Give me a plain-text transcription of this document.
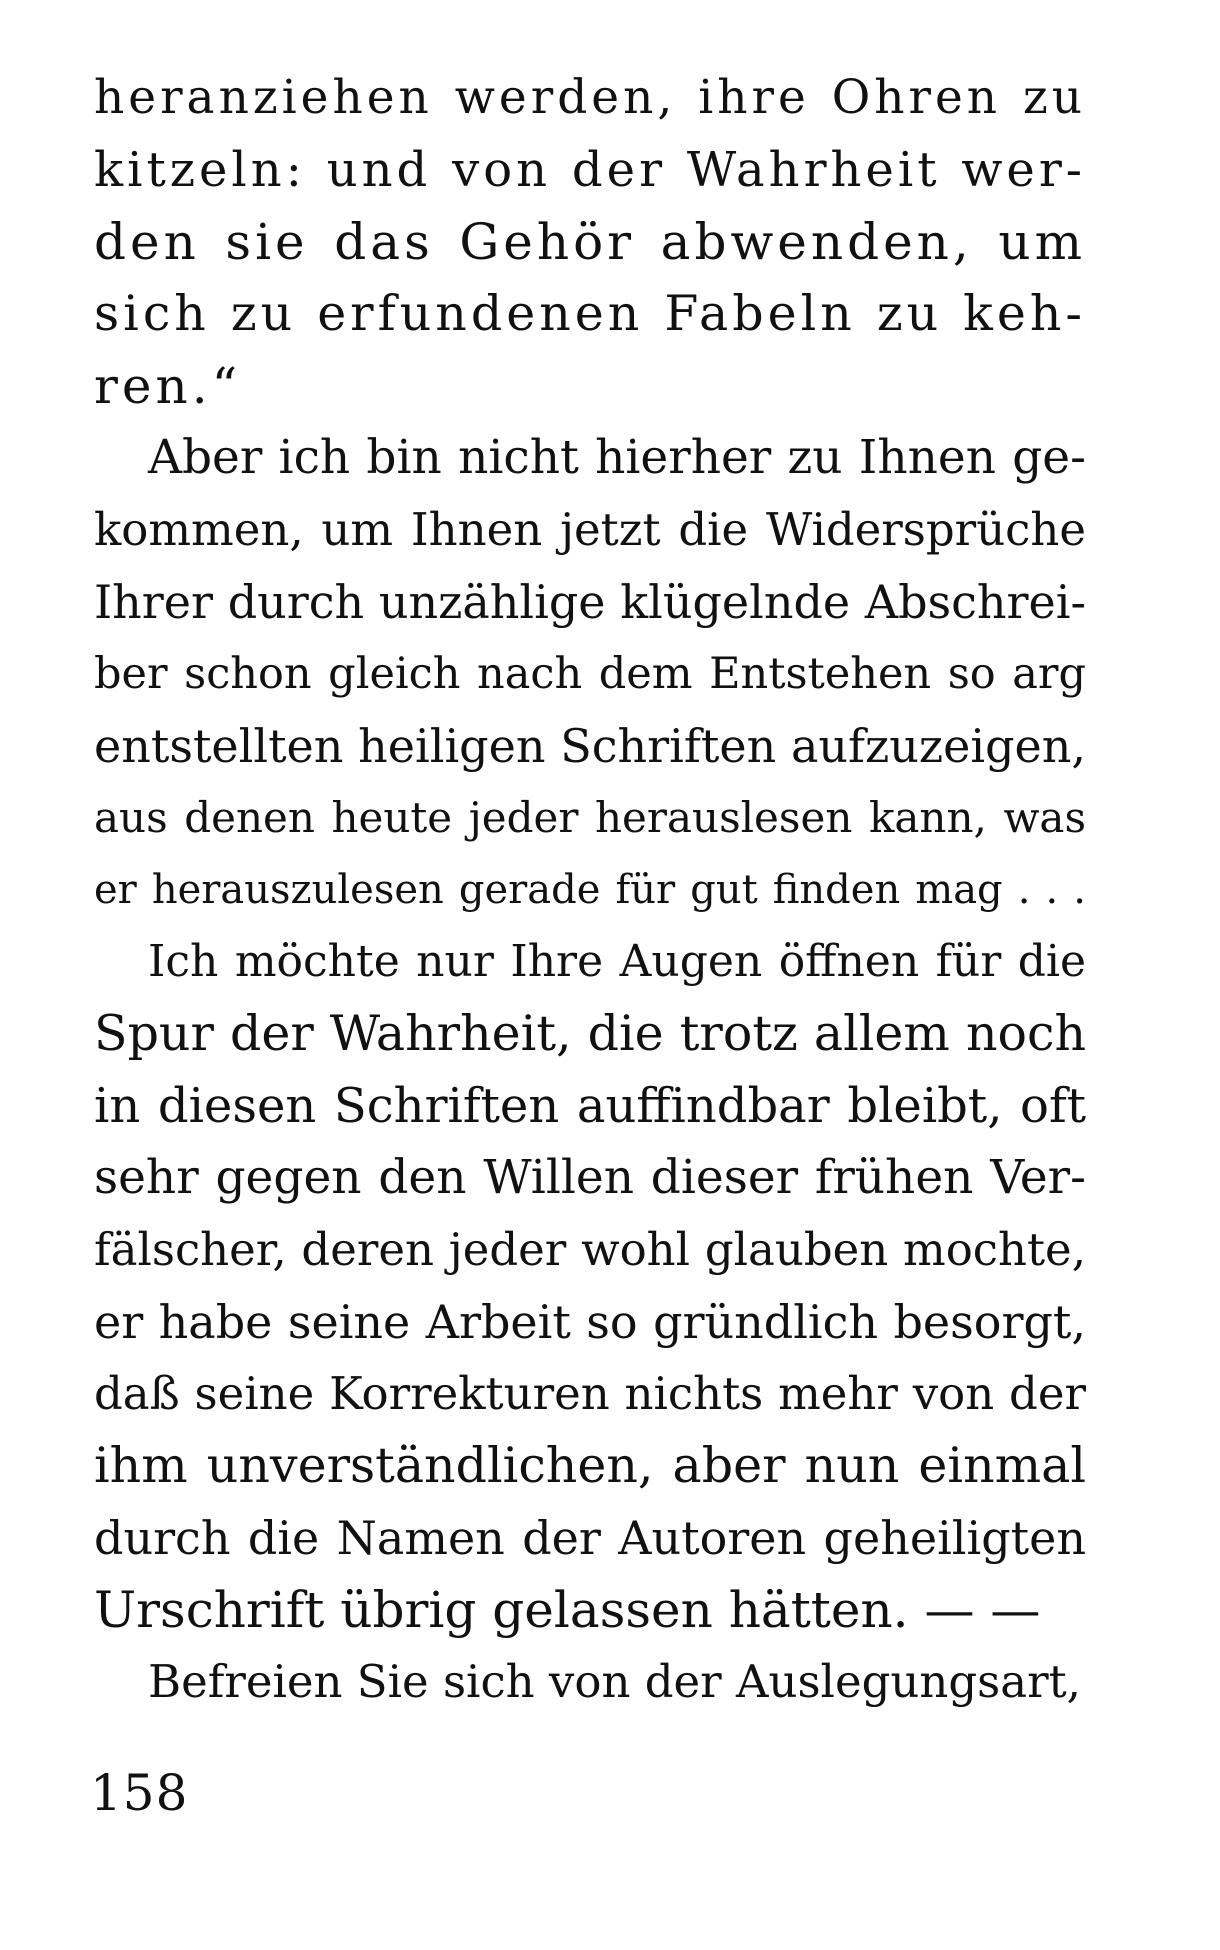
heranziehen werden, ihre Ohren zu
kitzeln: und von der Wahrheit wer-
den sie das Gehör abwenden, um
sich zu erfundenen Fabeln zu keh-
ren.“
Aber ich bin nicht hierher zu Ihnen ge-
kommen, um Ihnen jetzt die Widersprüche
Ihrer durch unzählige klügelnde Abschrei-
ber schon gleich nach dem Entstehen so arg
entstellten heiligen Schriften aufzuzeigen,
aus denen heute jeder herauslesen kann, was
er herauszulesen gerade für gut finden mag . . .
Ich möchte nur Ihre Augen öffnen für die
Spur der Wahrheit, die trotz allem noch
in diesen Schriften auffindbar bleibt, oft
sehr gegen den Willen dieser frühen Ver-
fälscher, deren jeder wohl glauben mochte,
er habe seine Arbeit so gründlich besorgt,
daß seine Korrekturen nichts mehr von der
ihm unverständlichen, aber nun einmal
durch die Namen der Autoren geheiligten
Urschrift übrig gelassen hätten. — —
Befreien Sie sich von der Auslegungsart,
158
